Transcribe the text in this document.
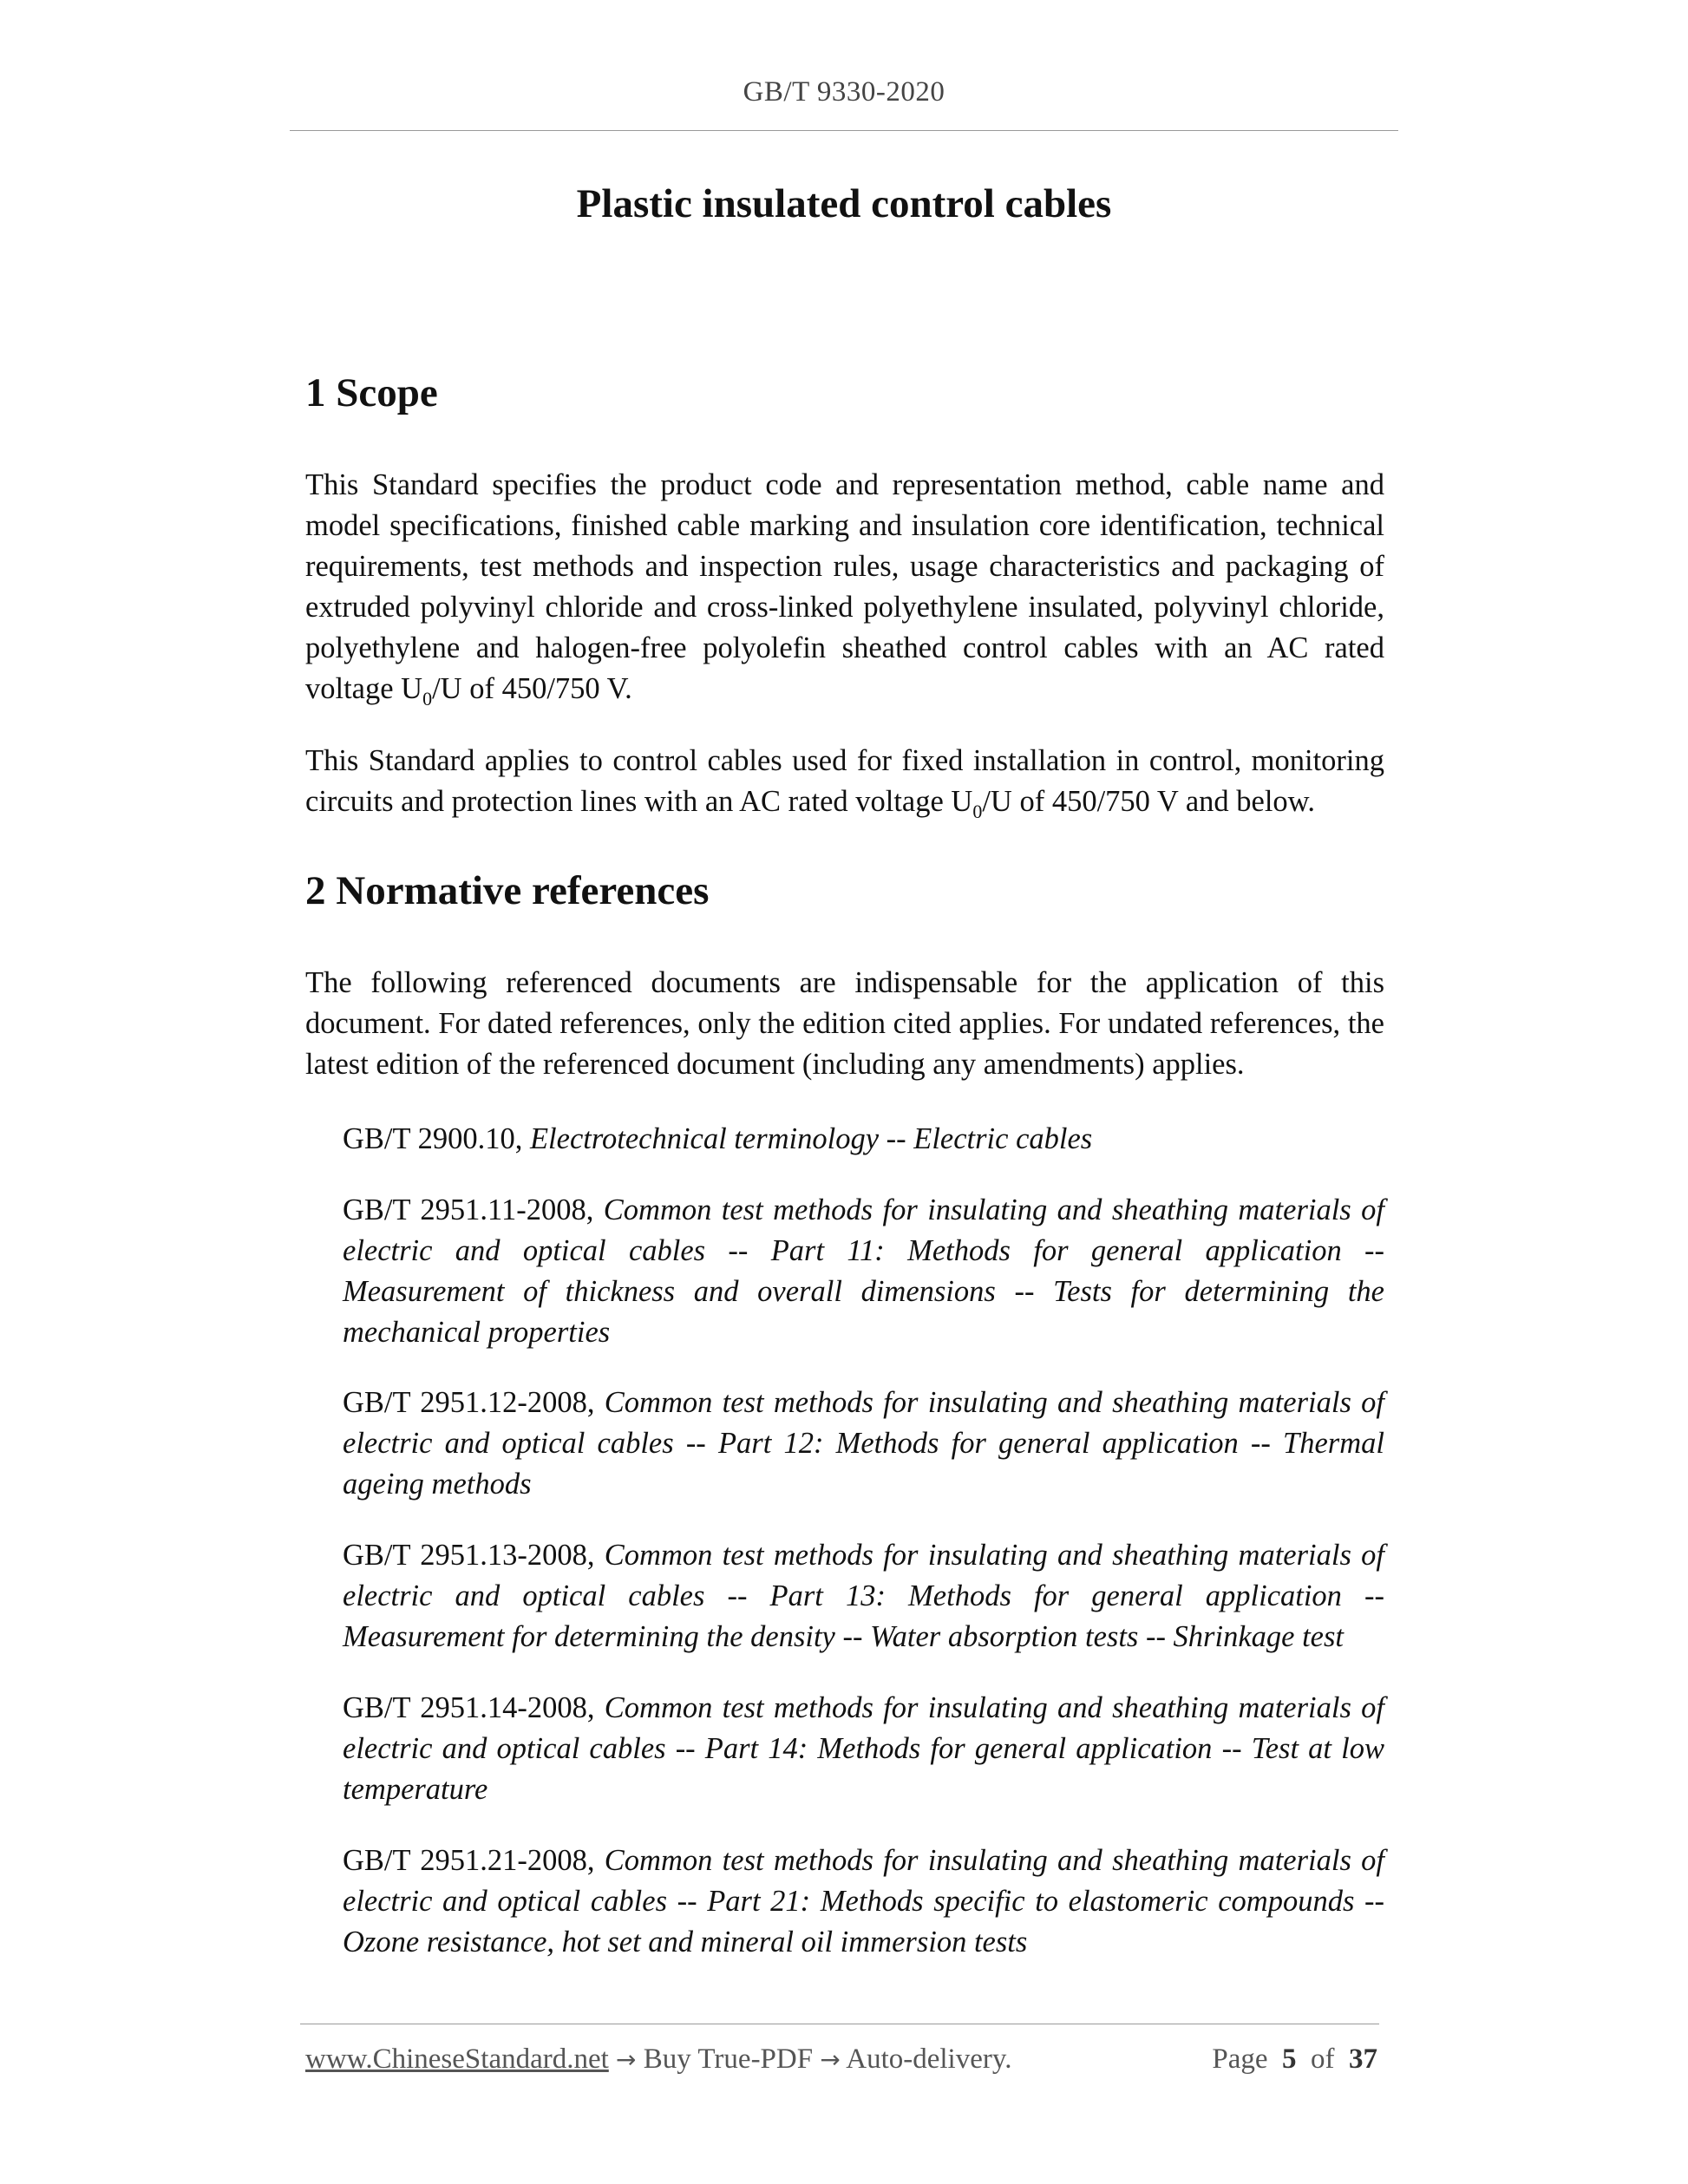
GB/T 9330-2020
Plastic insulated control cables
1 Scope

This Standard specifies the product code and representation method, cable name and model specifications, finished cable marking and insulation core identification, technical requirements, test methods and inspection rules, usage characteristics and packaging of extruded polyvinyl chloride and cross-linked polyethylene insulated, polyvinyl chloride, polyethylene and halogen-free polyolefin sheathed control cables with an AC rated voltage $U_0/U$ of 450/750 V.

This Standard applies to control cables used for fixed installation in control, monitoring circuits and protection lines with an AC rated voltage $U_0/U$ of 450/750 V and below.

2 Normative references

The following referenced documents are indispensable for the application of this document. For dated references, only the edition cited applies. For undated references, the latest edition of the referenced document (including any amendments) applies.

GB/T 2900.10, Electrotechnical terminology -- Electric cables

GB/T 2951.11-2008, Common test methods for insulating and sheathing materials of electric and optical cables -- Part 11: Methods for general application -- Measurement of thickness and overall dimensions -- Tests for determining the mechanical properties

GB/T 2951.12-2008, Common test methods for insulating and sheathing materials of electric and optical cables -- Part 12: Methods for general application -- Thermal ageing methods

GB/T 2951.13-2008, Common test methods for insulating and sheathing materials of electric and optical cables -- Part 13: Methods for general application -- Measurement for determining the density -- Water absorption tests -- Shrinkage test

GB/T 2951.14-2008, Common test methods for insulating and sheathing materials of electric and optical cables -- Part 14: Methods for general application -- Test at low temperature

GB/T 2951.21-2008, Common test methods for insulating and sheathing materials of electric and optical cables -- Part 21: Methods specific to elastomeric compounds -- Ozone resistance, hot set and mineral oil immersion tests

www.ChineseStandard.net → Buy True-PDF → Auto-delivery.	Page 5 of 37
